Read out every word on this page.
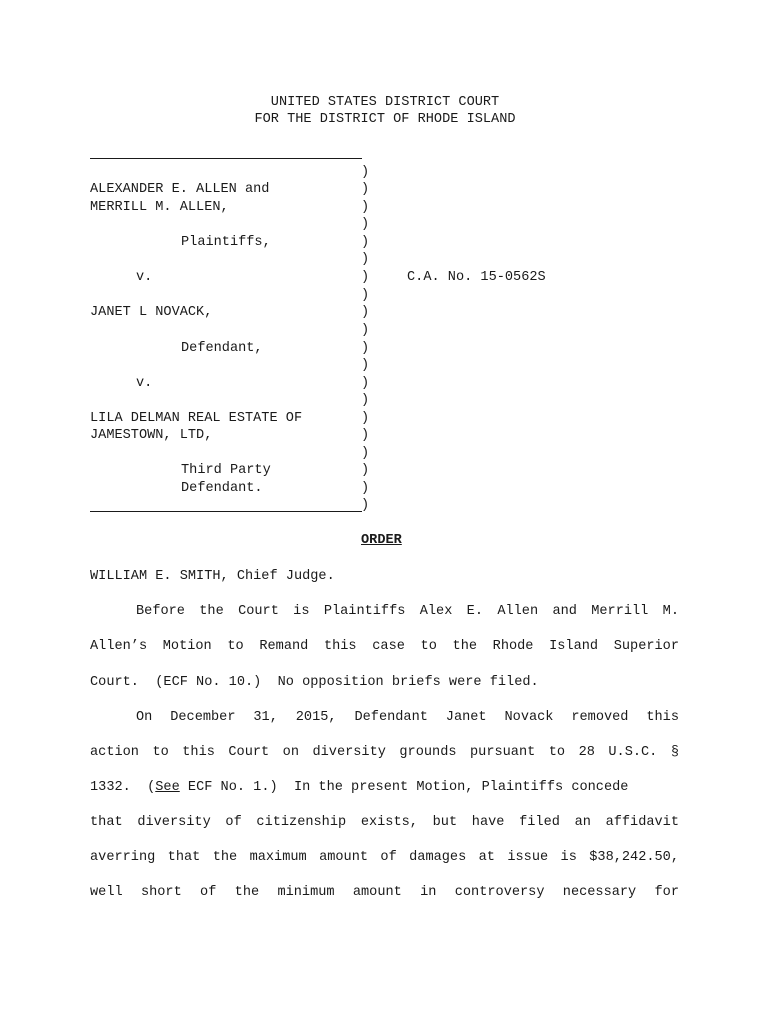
UNITED STATES DISTRICT COURT
FOR THE DISTRICT OF RHODE ISLAND
ALEXANDER E. ALLEN and
MERRILL M. ALLEN,
Plaintiffs,
v.
JANET L NOVACK,
Defendant,
v.
LILA DELMAN REAL ESTATE OF
JAMESTOWN, LTD,
Third Party
Defendant.
C.A. No. 15-0562S
)
)
)
)
)
)
)
)
)
)
)
)
)
)
)
)
)
)
)
)
ORDER
WILLIAM E. SMITH, Chief Judge.
Before the Court is Plaintiffs Alex E. Allen and Merrill M.
Allen’s Motion to Remand this case to the Rhode Island Superior
Court.  (ECF No. 10.)  No opposition briefs were filed.
On December 31, 2015, Defendant Janet Novack removed this
action to this Court on diversity grounds pursuant to 28 U.S.C. §
1332.  (See ECF No. 1.)  In the present Motion, Plaintiffs concede
that diversity of citizenship exists, but have filed an affidavit
averring that the maximum amount of damages at issue is $38,242.50,
well short of the minimum amount in controversy necessary for
